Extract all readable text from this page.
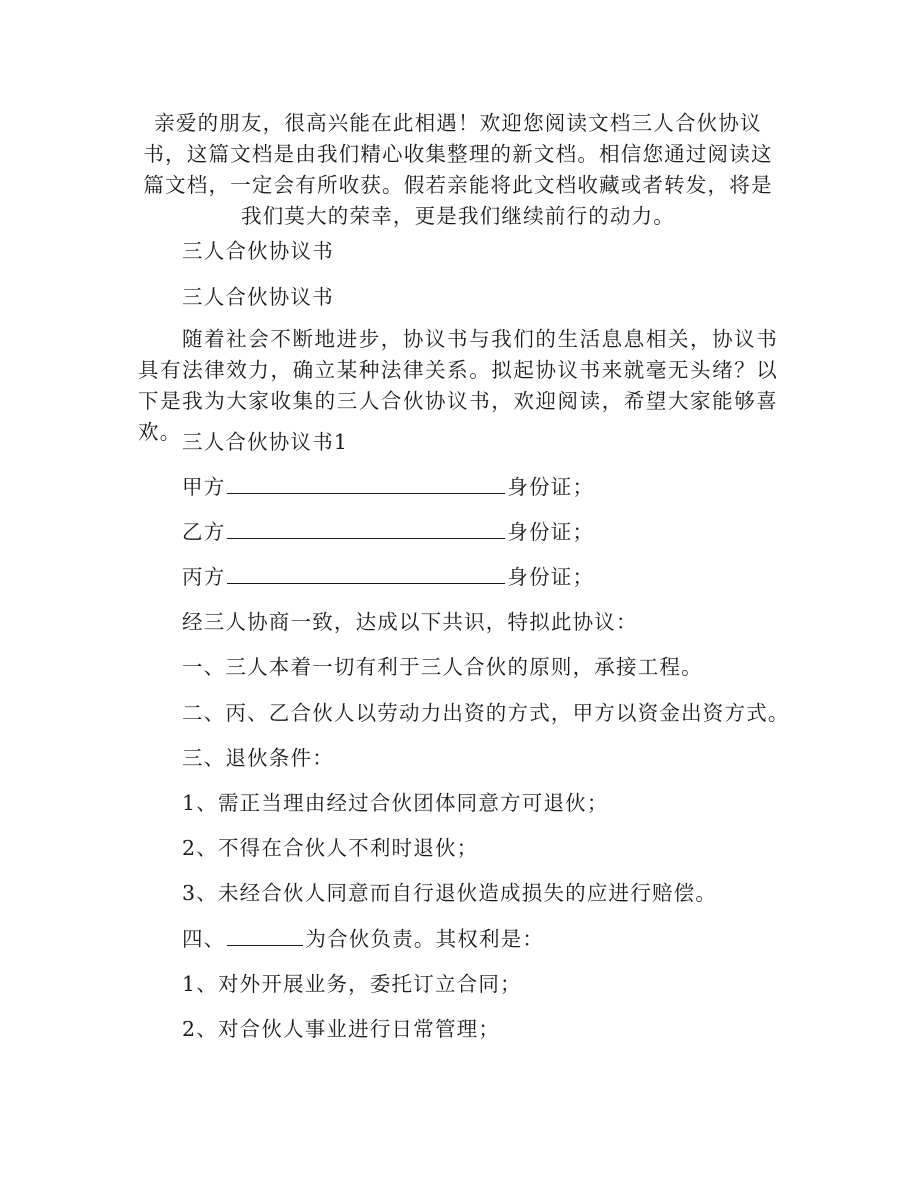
亲爱的朋友，很高兴能在此相遇！欢迎您阅读文档三人合伙协议书，这篇文档是由我们精心收集整理的新文档。相信您通过阅读这篇文档，一定会有所收获。假若亲能将此文档收藏或者转发，将是我们莫大的荣幸，更是我们继续前行的动力。

三人合伙协议书

三人合伙协议书

随着社会不断地进步，协议书与我们的生活息息相关，协议书具有法律效力，确立某种法律关系。拟起协议书来就毫无头绪？以下是我为大家收集的三人合伙协议书，欢迎阅读，希望大家能够喜欢。 三人合伙协议书1

甲方	身份证；

乙方	身份证；

丙方	身份证；

经三人协商一致，达成以下共识，特拟此协议：

一、三人本着一切有利于三人合伙的原则，承接工程。

二、丙、乙合伙人以劳动力出资的方式，甲方以资金出资方式。

三、退伙条件：

1、需正当理由经过合伙团体同意方可退伙；

2、不得在合伙人不利时退伙；

3、未经合伙人同意而自行退伙造成损失的应进行赔偿。

四、	为合伙负责。其权利是：

1、对外开展业务，委托订立合同；

2、对合伙人事业进行日常管理；
